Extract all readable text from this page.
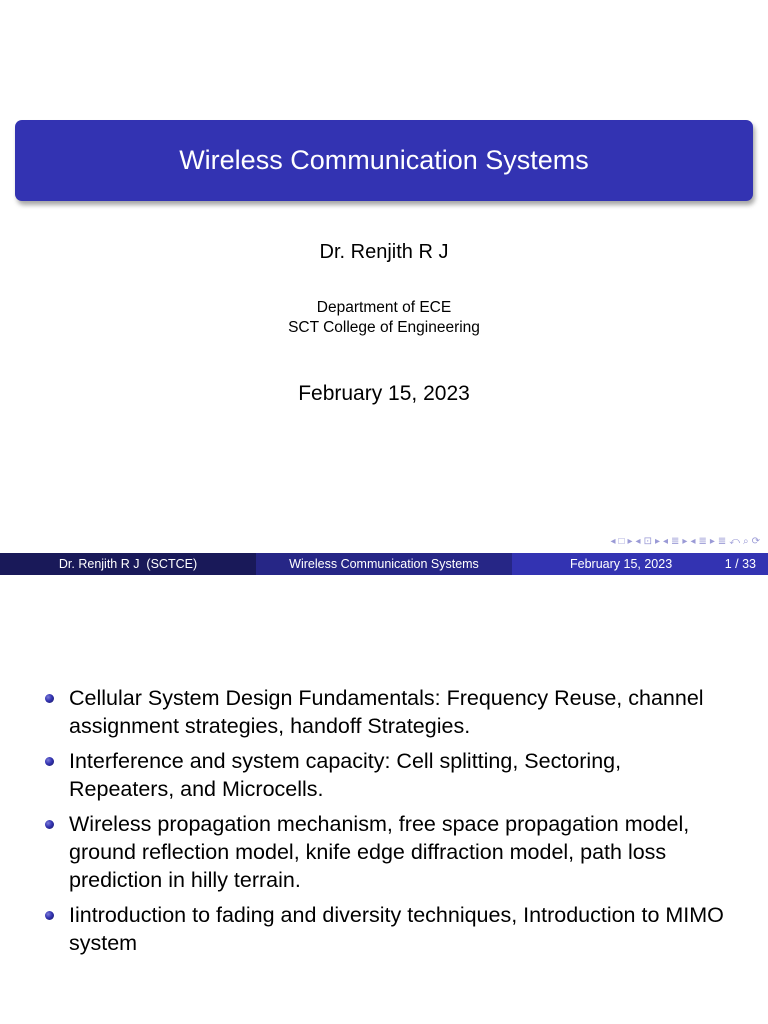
Wireless Communication Systems
Dr. Renjith R J
Department of ECE
SCT College of Engineering
February 15, 2023
◂ □ ▸ ◂ ⊡ ▸ ◂ ≣ ▸ ◂ ≣ ▸ ≣ ⤺ ⌕ ⟳
Dr. Renjith R J  (SCTCE)	Wireless Communication Systems	February 15, 2023	1 / 33
Cellular System Design Fundamentals: Frequency Reuse, channel assignment strategies, handoff Strategies.
Interference and system capacity: Cell splitting, Sectoring, Repeaters, and Microcells.
Wireless propagation mechanism, free space propagation model, ground reflection model, knife edge diffraction model, path loss prediction in hilly terrain.
Iintroduction to fading and diversity techniques, Introduction to MIMO system
